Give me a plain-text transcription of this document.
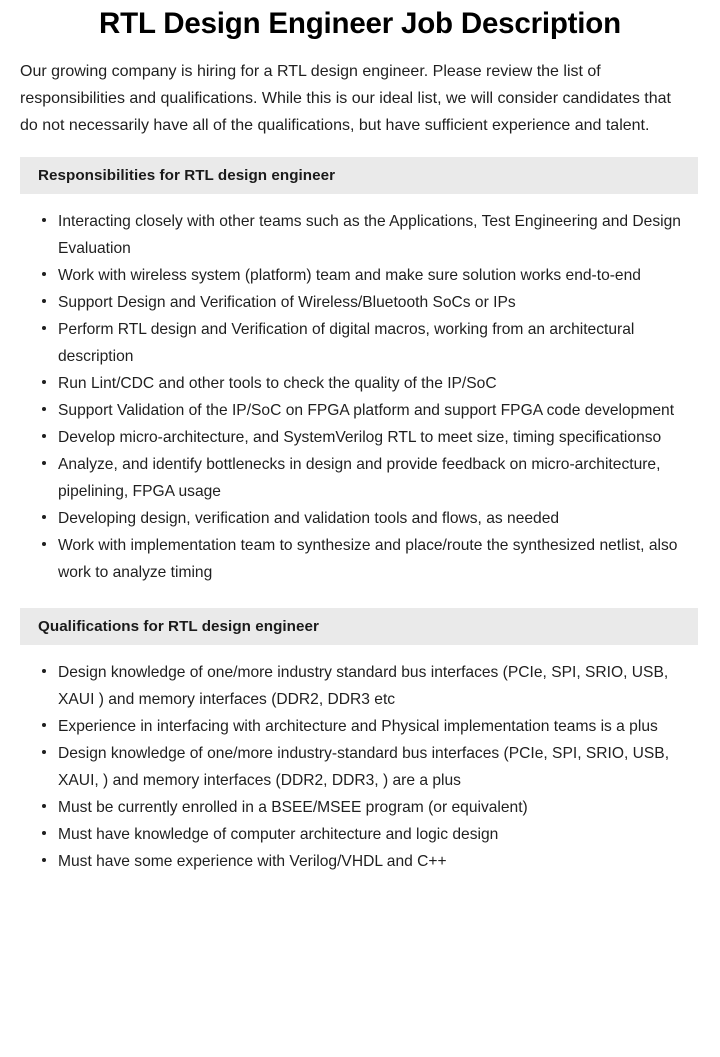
RTL Design Engineer Job Description

Our growing company is hiring for a RTL design engineer. Please review the list of responsibilities and qualifications. While this is our ideal list, we will consider candidates that do not necessarily have all of the qualifications, but have sufficient experience and talent.

Responsibilities for RTL design engineer
Interacting closely with other teams such as the Applications, Test Engineering and Design Evaluation
Work with wireless system (platform) team and make sure solution works end-to-end
Support Design and Verification of Wireless/Bluetooth SoCs or IPs
Perform RTL design and Verification of digital macros, working from an architectural description
Run Lint/CDC and other tools to check the quality of the IP/SoC
Support Validation of the IP/SoC on FPGA platform and support FPGA code development
Develop micro-architecture, and SystemVerilog RTL to meet size, timing specificationso
Analyze, and identify bottlenecks in design and provide feedback on micro-architecture, pipelining, FPGA usage
Developing design, verification and validation tools and flows, as needed
Work with implementation team to synthesize and place/route the synthesized netlist, also work to analyze timing
Qualifications for RTL design engineer
Design knowledge of one/more industry standard bus interfaces (PCIe, SPI, SRIO, USB, XAUI ) and memory interfaces (DDR2, DDR3 etc
Experience in interfacing with architecture and Physical implementation teams is a plus
Design knowledge of one/more industry-standard bus interfaces (PCIe, SPI, SRIO, USB, XAUI, ) and memory interfaces (DDR2, DDR3, ) are a plus
Must be currently enrolled in a BSEE/MSEE program (or equivalent)
Must have knowledge of computer architecture and logic design
Must have some experience with Verilog/VHDL and C++
